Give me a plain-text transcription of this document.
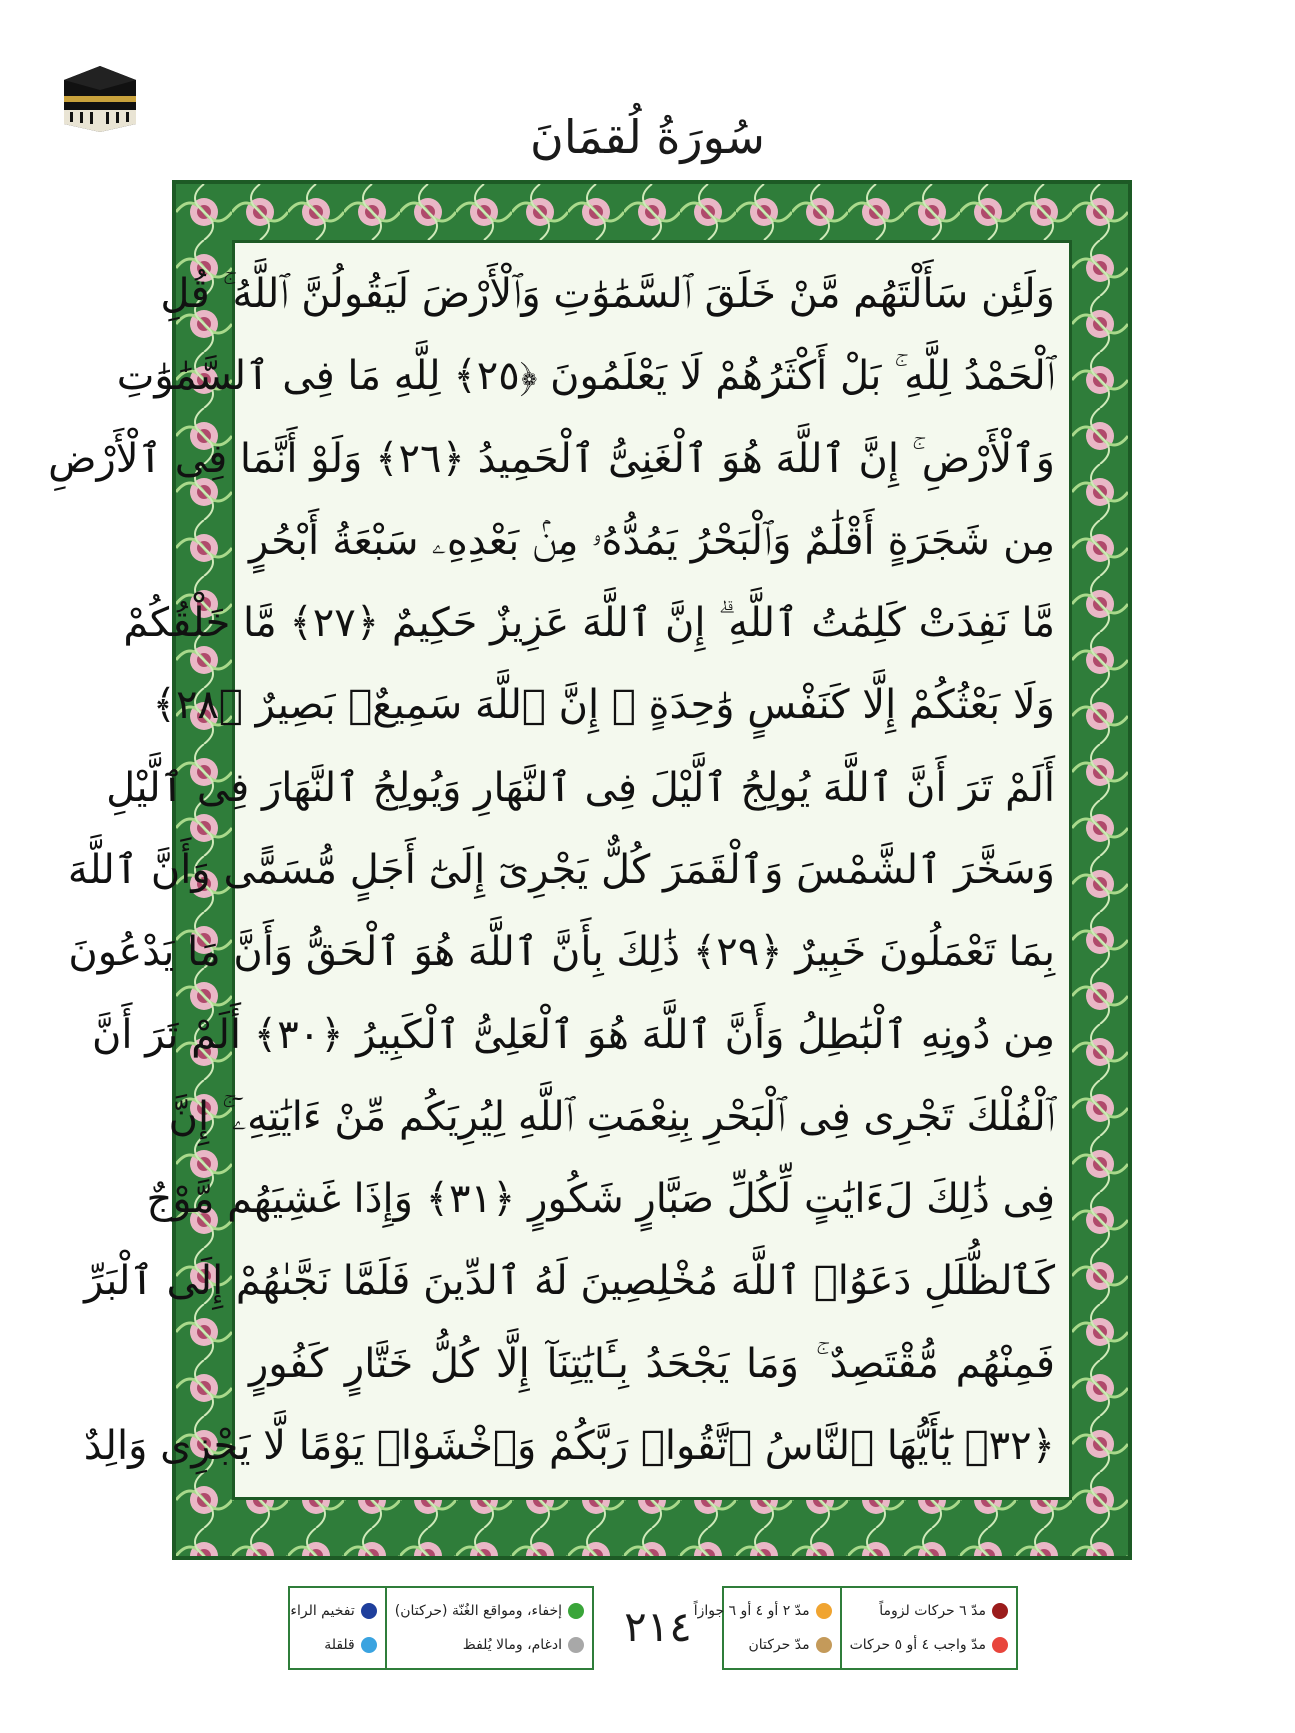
سُورَةُ لُقمَانَ
وَلَئِن سَأَلْتَهُم مَّنْ خَلَقَ ٱلسَّمَٰوَٰتِ وَٱلْأَرْضَ لَيَقُولُنَّ ٱللَّهُ ۚ قُلِ
ٱلْحَمْدُ لِلَّهِ ۚ بَلْ أَكْثَرُهُمْ لَا يَعْلَمُونَ ﴿٢٥﴾ لِلَّهِ مَا فِى ٱلسَّمَٰوَٰتِ
وَٱلْأَرْضِ ۚ إِنَّ ٱللَّهَ هُوَ ٱلْغَنِىُّ ٱلْحَمِيدُ ﴿٢٦﴾ وَلَوْ أَنَّمَا فِى ٱلْأَرْضِ
مِن شَجَرَةٍ أَقْلَٰمٌ وَٱلْبَحْرُ يَمُدُّهُۥ مِنۢ بَعْدِهِۦ سَبْعَةُ أَبْحُرٍ
مَّا نَفِدَتْ كَلِمَٰتُ ٱللَّهِ ۗ إِنَّ ٱللَّهَ عَزِيزٌ حَكِيمٌ ﴿٢٧﴾ مَّا خَلْقُكُمْ
وَلَا بَعْثُكُمْ إِلَّا كَنَفْسٍ وَٰحِدَةٍ ۗ إِنَّ ٱللَّهَ سَمِيعٌۢ بَصِيرٌ ﴿٢٨﴾
أَلَمْ تَرَ أَنَّ ٱللَّهَ يُولِجُ ٱلَّيْلَ فِى ٱلنَّهَارِ وَيُولِجُ ٱلنَّهَارَ فِى ٱلَّيْلِ
وَسَخَّرَ ٱلشَّمْسَ وَٱلْقَمَرَ كُلٌّ يَجْرِىٓ إِلَىٰٓ أَجَلٍ مُّسَمًّى وَأَنَّ ٱللَّهَ
بِمَا تَعْمَلُونَ خَبِيرٌ ﴿٢٩﴾ ذَٰلِكَ بِأَنَّ ٱللَّهَ هُوَ ٱلْحَقُّ وَأَنَّ مَا يَدْعُونَ
مِن دُونِهِ ٱلْبَٰطِلُ وَأَنَّ ٱللَّهَ هُوَ ٱلْعَلِىُّ ٱلْكَبِيرُ ﴿٣٠﴾ أَلَمْ تَرَ أَنَّ
ٱلْفُلْكَ تَجْرِى فِى ٱلْبَحْرِ بِنِعْمَتِ ٱللَّهِ لِيُرِيَكُم مِّنْ ءَايَٰتِهِۦٓ ۚ إِنَّ
فِى ذَٰلِكَ لَءَايَٰتٍ لِّكُلِّ صَبَّارٍ شَكُورٍ ﴿٣١﴾ وَإِذَا غَشِيَهُم مَّوْجٌ
كَٱلظُّلَلِ دَعَوُا۟ ٱللَّهَ مُخْلِصِينَ لَهُ ٱلدِّينَ فَلَمَّا نَجَّىٰهُمْ إِلَى ٱلْبَرِّ
فَمِنْهُم مُّقْتَصِدٌ ۚ وَمَا يَجْحَدُ بِـَٔايَٰتِنَآ إِلَّا كُلُّ خَتَّارٍ كَفُورٍ
﴿٣٢﴾ يَٰٓأَيُّهَا ٱلنَّاسُ ٱتَّقُوا۟ رَبَّكُمْ وَٱخْشَوْا۟ يَوْمًا لَّا يَجْزِى وَالِدٌ
مدّ ٦ حركات لزوماً
مدّ واجب ٤ أو ٥ حركات
مدّ ٢ أو ٤ أو ٦ جوازاً
مدّ حركتان
٢١٤
إخفاء، ومواقع الغُنّة (حركتان)
ادغام، ومالا يُلفظ
تفخيم الراء
قلقلة
